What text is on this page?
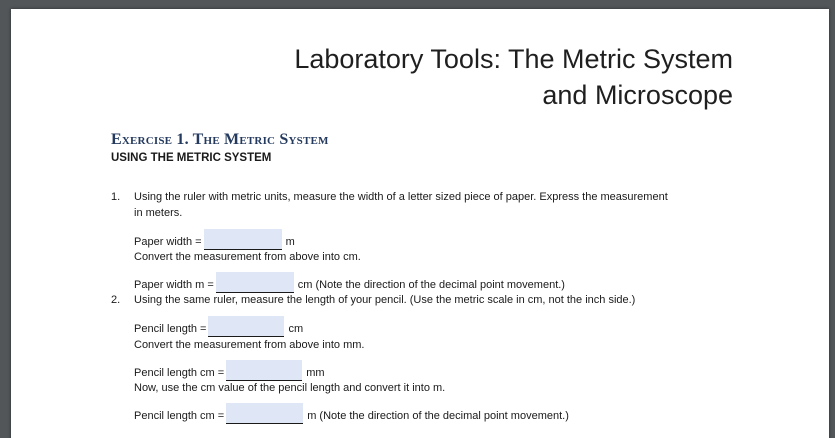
Laboratory Tools: The Metric System
and Microscope
Exercise 1. The Metric System
USING THE METRIC SYSTEM
1. Using the ruler with metric units, measure the width of a letter sized piece of paper. Express the measurement
in meters.
Paper width =	m
Convert the measurement from above into cm.
Paper width m =	cm (Note the direction of the decimal point movement.)
2. Using the same ruler, measure the length of your pencil. (Use the metric scale in cm, not the inch side.)
Pencil length =	cm
Convert the measurement from above into mm.
Pencil length cm =	mm
Now, use the cm value of the pencil length and convert it into m.
Pencil length cm =	m (Note the direction of the decimal point movement.)
